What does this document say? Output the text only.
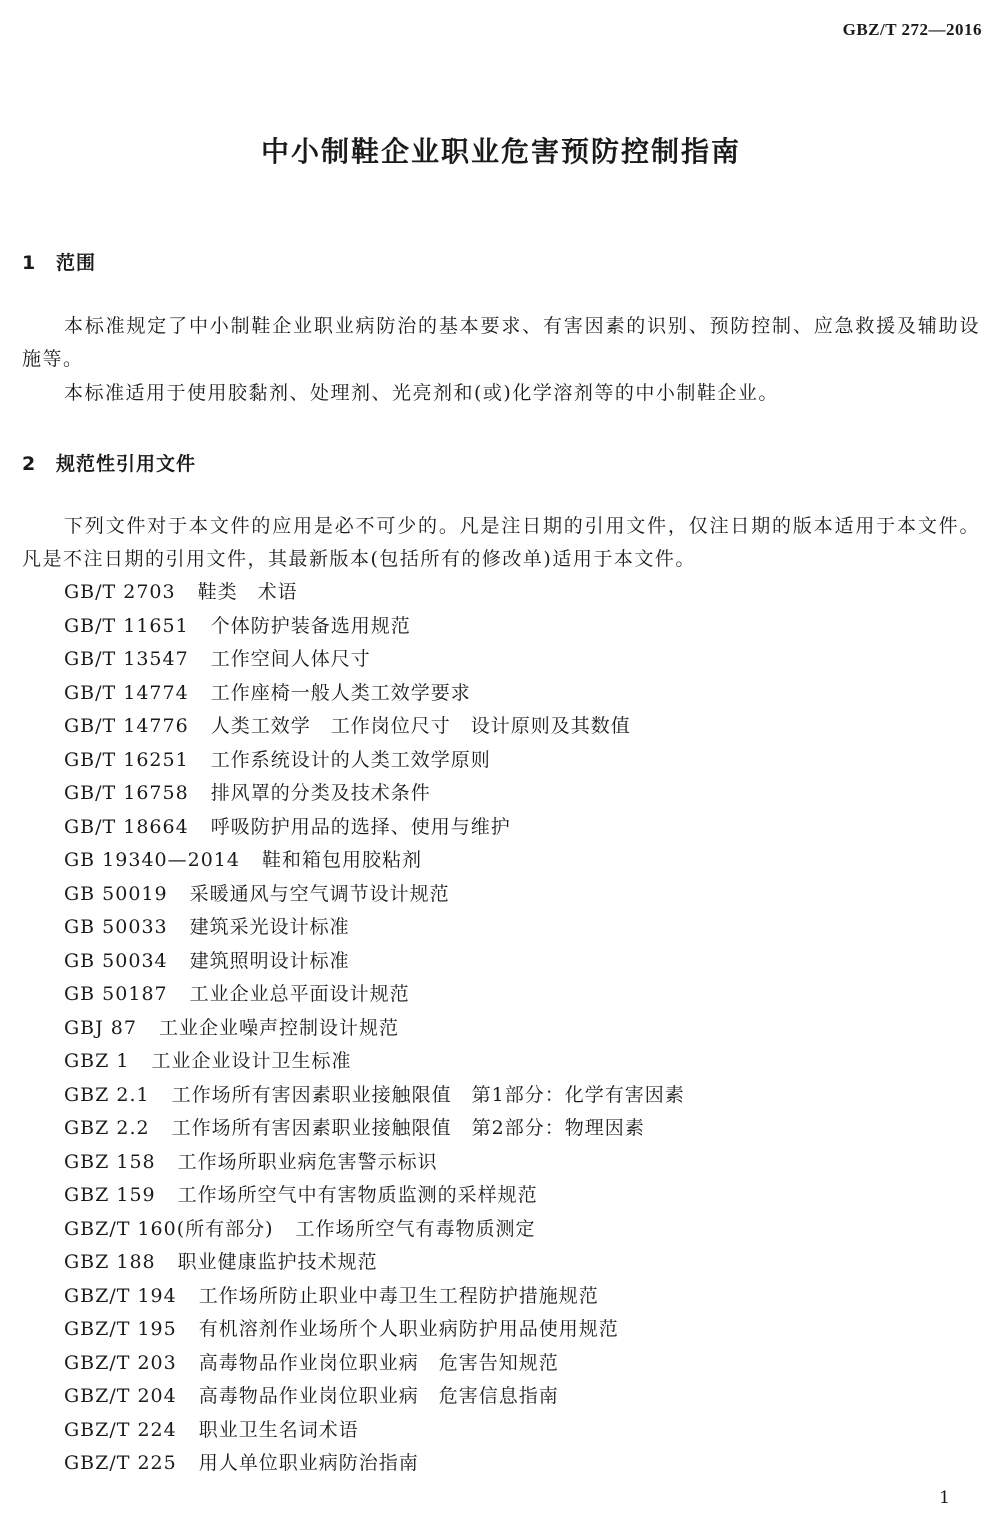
GBZ/T 272—2016
中小制鞋企业职业危害预防控制指南
1 范围
本标准规定了中小制鞋企业职业病防治的基本要求、有害因素的识别、预防控制、应急救援及辅助设施等。
本标准适用于使用胶黏剂、处理剂、光亮剂和(或)化学溶剂等的中小制鞋企业。
2 规范性引用文件
下列文件对于本文件的应用是必不可少的。凡是注日期的引用文件，仅注日期的版本适用于本文件。凡是不注日期的引用文件，其最新版本(包括所有的修改单)适用于本文件。
GB/T 2703 鞋类　术语
GB/T 11651 个体防护装备选用规范
GB/T 13547 工作空间人体尺寸
GB/T 14774 工作座椅一般人类工效学要求
GB/T 14776 人类工效学　工作岗位尺寸　设计原则及其数值
GB/T 16251 工作系统设计的人类工效学原则
GB/T 16758 排风罩的分类及技术条件
GB/T 18664 呼吸防护用品的选择、使用与维护
GB 19340—2014 鞋和箱包用胶粘剂
GB 50019 采暖通风与空气调节设计规范
GB 50033 建筑采光设计标准
GB 50034 建筑照明设计标准
GB 50187 工业企业总平面设计规范
GBJ 87 工业企业噪声控制设计规范
GBZ 1 工业企业设计卫生标准
GBZ 2.1 工作场所有害因素职业接触限值　第1部分：化学有害因素
GBZ 2.2 工作场所有害因素职业接触限值　第2部分：物理因素
GBZ 158 工作场所职业病危害警示标识
GBZ 159 工作场所空气中有害物质监测的采样规范
GBZ/T 160(所有部分) 工作场所空气有毒物质测定
GBZ 188 职业健康监护技术规范
GBZ/T 194 工作场所防止职业中毒卫生工程防护措施规范
GBZ/T 195 有机溶剂作业场所个人职业病防护用品使用规范
GBZ/T 203 高毒物品作业岗位职业病　危害告知规范
GBZ/T 204 高毒物品作业岗位职业病　危害信息指南
GBZ/T 224 职业卫生名词术语
GBZ/T 225 用人单位职业病防治指南
1
